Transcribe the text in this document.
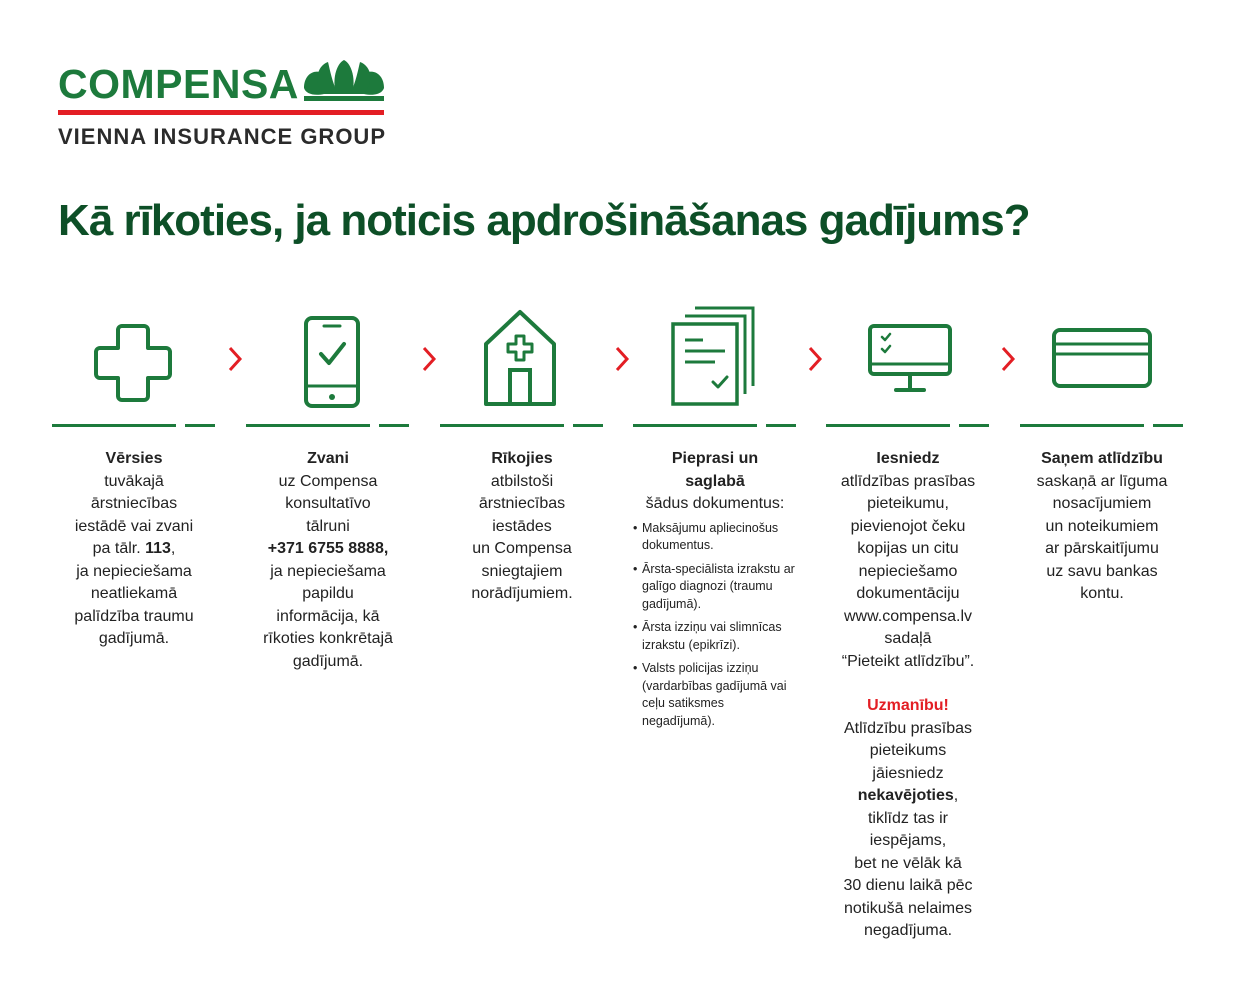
COMPENSA
VIENNA INSURANCE GROUP
Kā rīkoties, ja noticis apdrošināšanas gadījums?
Vērsies
tuvākajā
ārstniecības
iestādē vai zvani
pa tālr. 113,
ja nepieciešama
neatliekamā
palīdzība traumu
gadījumā.
Zvani
uz Compensa
konsultatīvo
tālruni
+371 6755 8888,
ja nepieciešama
papildu
informācija, kā
rīkoties konkrētajā
gadījumā.
Rīkojies
atbilstoši
ārstniecības
iestādes
un Compensa
sniegtajiem
norādījumiem.
Pieprasi un
saglabā
šādus dokumentus:
• Maksājumu apliecinošus dokumentus.
• Ārsta-speciālista izrakstu ar galīgo diagnozi (traumu gadījumā).
• Ārsta izziņu vai slimnīcas izrakstu (epikrīzi).
• Valsts policijas izziņu (vardarbības gadījumā vai ceļu satiksmes negadījumā).
Iesniedz
atlīdzības prasības
pieteikumu,
pievienojot čeku
kopijas un citu
nepieciešamo
dokumentāciju
www.compensa.lv
sadaļā
“Pieteikt atlīdzību”.
Uzmanību!
Atlīdzību prasības
pieteikums
jāiesniedz
nekavējoties,
tiklīdz tas ir
iespējams,
bet ne vēlāk kā
30 dienu laikā pēc
notikušā nelaimes
negadījuma.
Saņem atlīdzību
saskaņā ar līguma
nosacījumiem
un noteikumiem
ar pārskaitījumu
uz savu bankas
kontu.
